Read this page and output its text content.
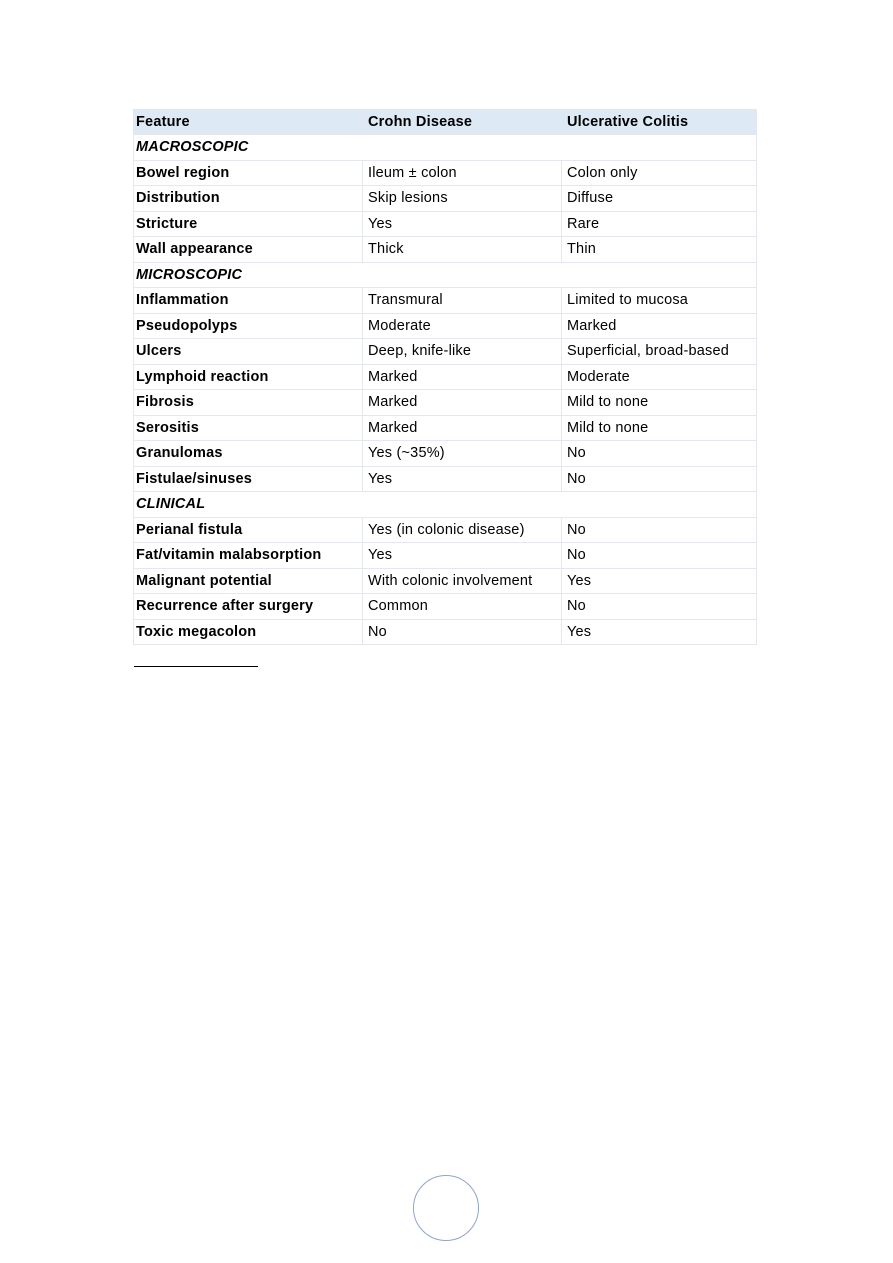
Feature	Crohn Disease	Ulcerative Colitis
MACROSCOPIC		
Bowel region	Ileum ± colon	Colon only
Distribution	Skip lesions	Diffuse
Stricture	Yes	Rare
Wall appearance	Thick	Thin
MICROSCOPIC		
Inflammation	Transmural	Limited to mucosa
Pseudopolyps	Moderate	Marked
Ulcers	Deep, knife-like	Superficial, broad-based
Lymphoid reaction	Marked	Moderate
Fibrosis	Marked	Mild to none
Serositis	Marked	Mild to none
Granulomas	Yes (~35%)	No
Fistulae/sinuses	Yes	No
CLINICAL		
Perianal fistula	Yes (in colonic disease)	No
Fat/vitamin malabsorption	Yes	No
Malignant potential	With colonic involvement	Yes
Recurrence after surgery	Common	No
Toxic megacolon	No	Yes
